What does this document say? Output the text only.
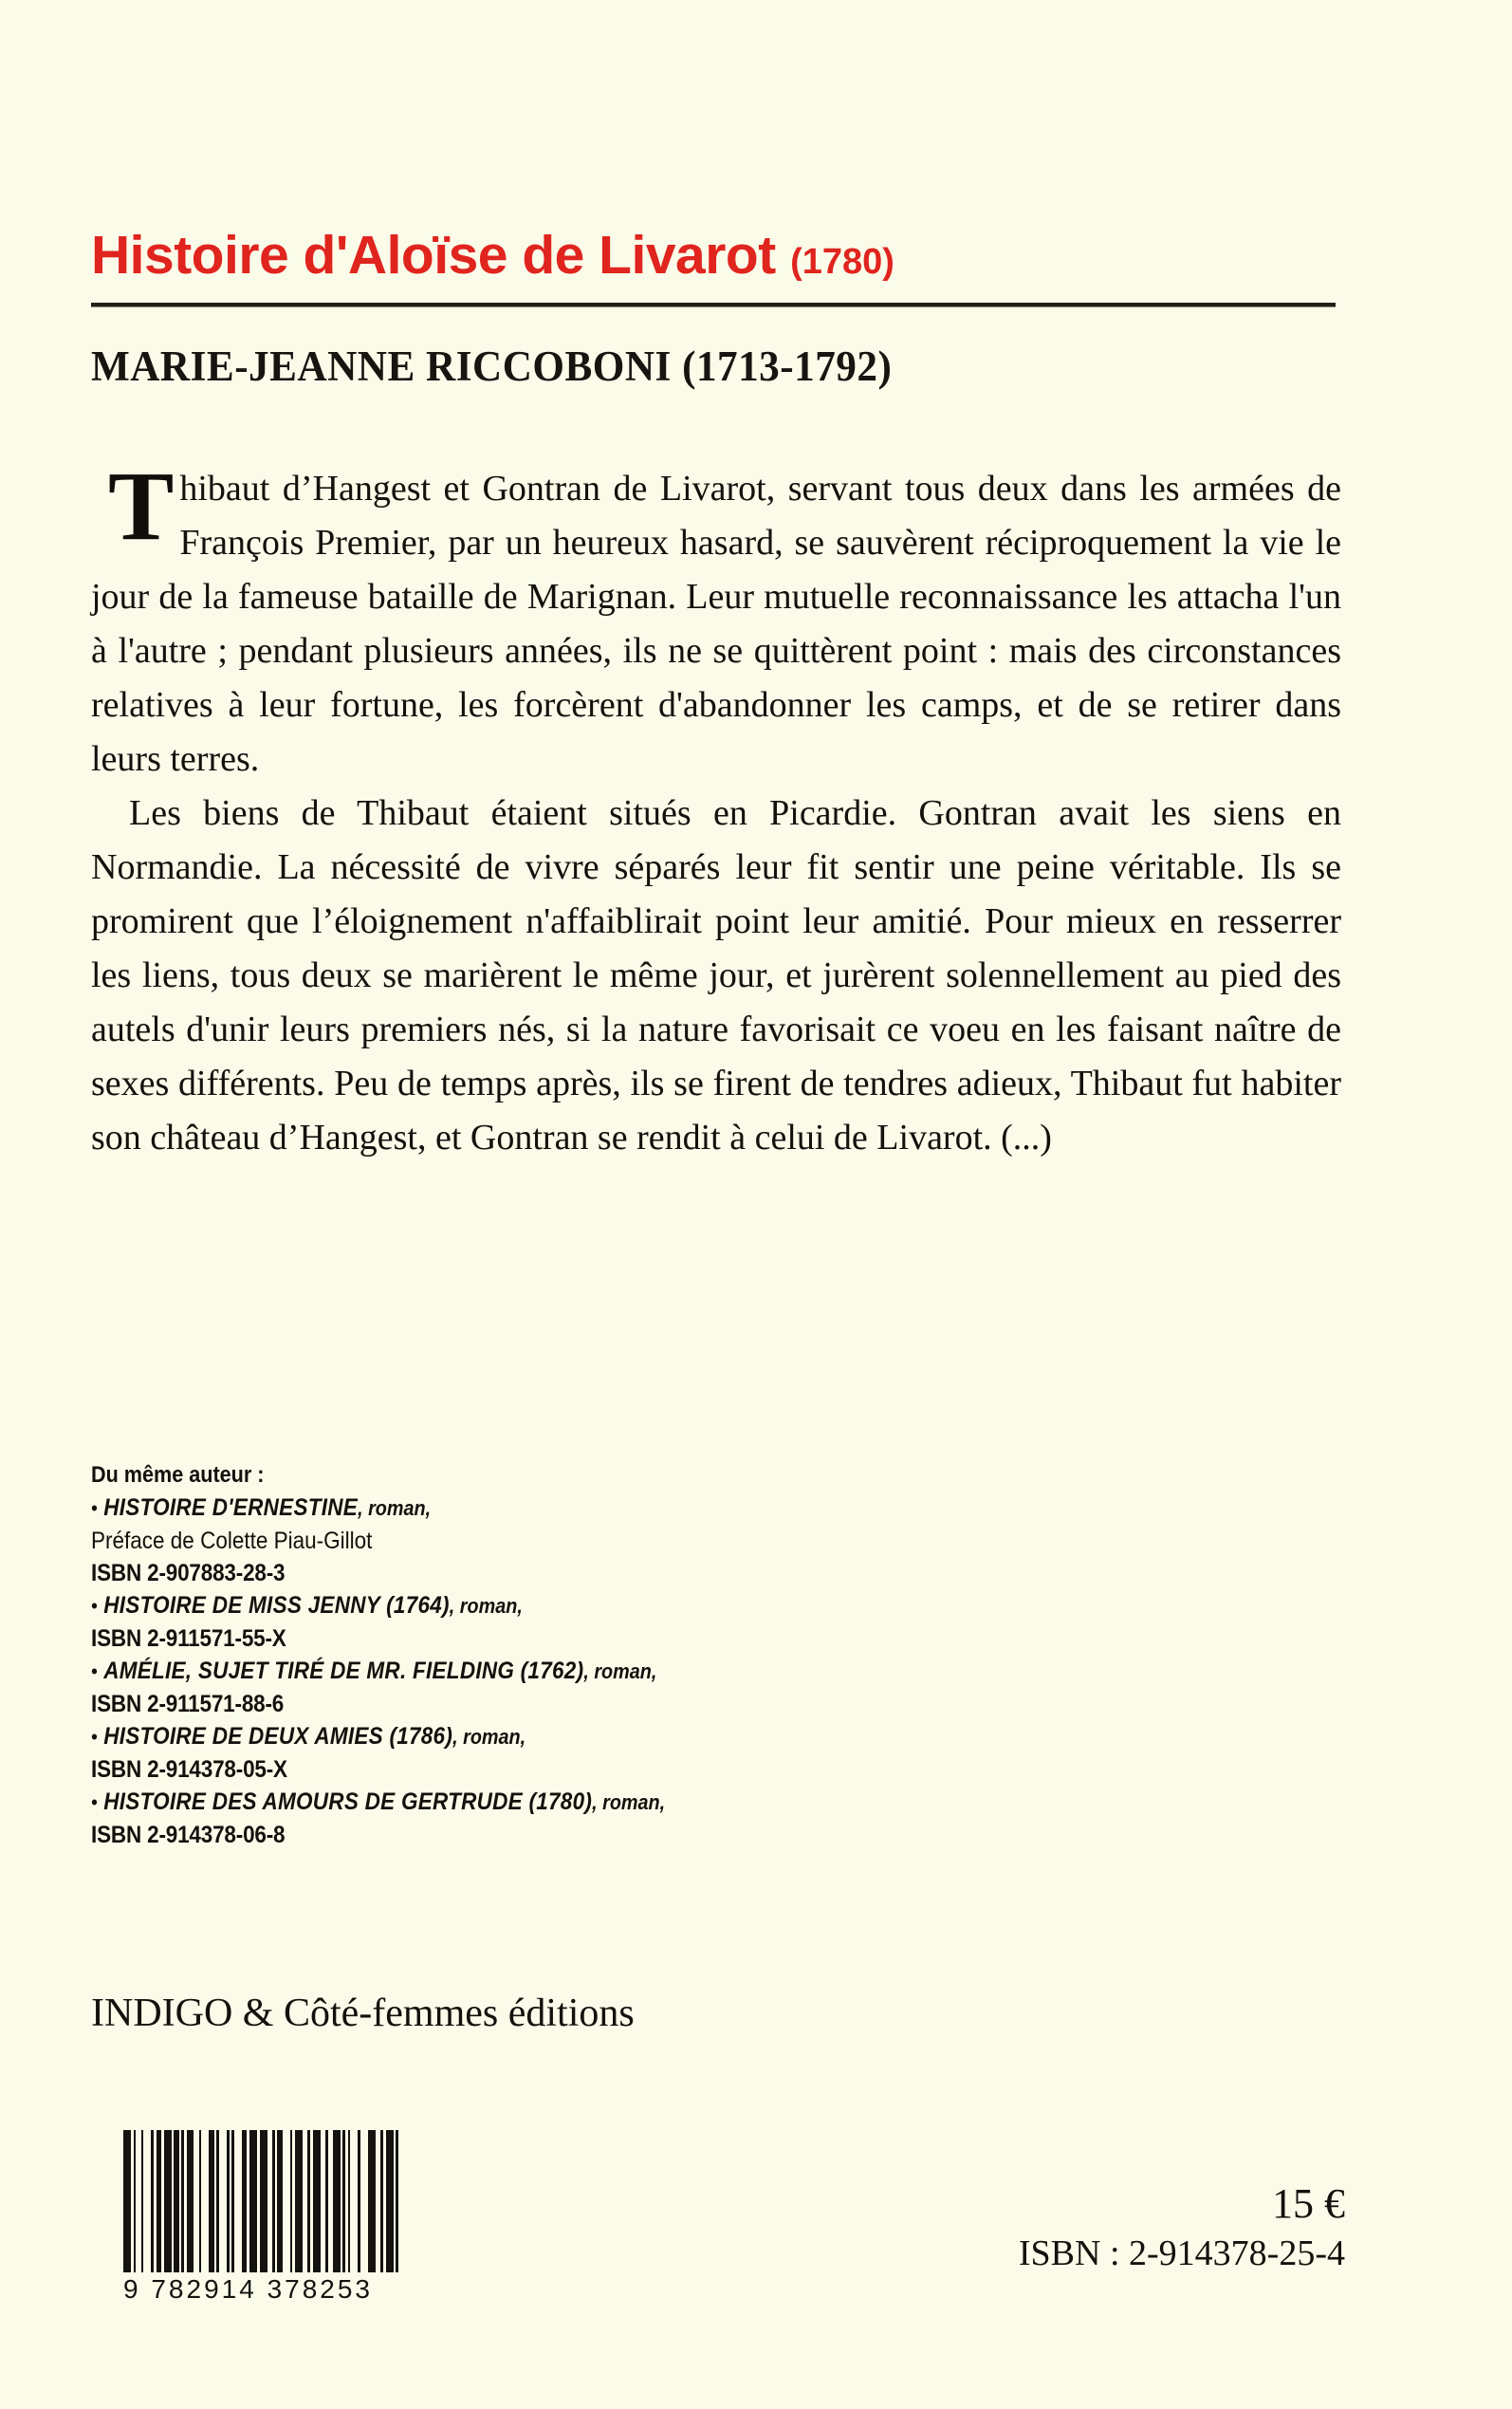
Histoire d'Aloïse de Livarot (1780)
MARIE-JEANNE RICCOBONI (1713-1792)

Thibaut d’Hangest et Gontran de Livarot, servant tous deux dans les armées de François Premier, par un heureux hasard, se sauvèrent réciproquement la vie le jour de la fameuse bataille de Marignan. Leur mutuelle reconnaissance les attacha l'un à l'autre ; pendant plusieurs années, ils ne se quittèrent point : mais des circonstances relatives à leur fortune, les forcèrent d'abandonner les camps, et de se retirer dans leurs terres.

Les biens de Thibaut étaient situés en Picardie. Gontran avait les siens en Normandie. La nécessité de vivre séparés leur fit sentir une peine véritable. Ils se promirent que l’éloignement n'affaiblirait point leur amitié. Pour mieux en resserrer les liens, tous deux se marièrent le même jour, et jurèrent solennellement au pied des autels d'unir leurs premiers nés, si la nature favorisait ce voeu en les faisant naître de sexes différents. Peu de temps après, ils se firent de tendres adieux, Thibaut fut habiter son château d’Hangest, et Gontran se rendit à celui de Livarot. (...)

Du même auteur :
• HISTOIRE D'ERNESTINE, roman,
Préface de Colette Piau-Gillot
ISBN 2-907883-28-3
• HISTOIRE DE MISS JENNY (1764), roman,
ISBN 2-911571-55-X
• AMÉLIE, SUJET TIRÉ DE MR. FIELDING (1762), roman,
ISBN 2-911571-88-6
• HISTOIRE DE DEUX AMIES (1786), roman,
ISBN 2-914378-05-X
• HISTOIRE DES AMOURS DE GERTRUDE (1780), roman,
ISBN 2-914378-06-8
INDIGO & Côté-femmes éditions
9 782914 378253
15 €
ISBN : 2-914378-25-4
